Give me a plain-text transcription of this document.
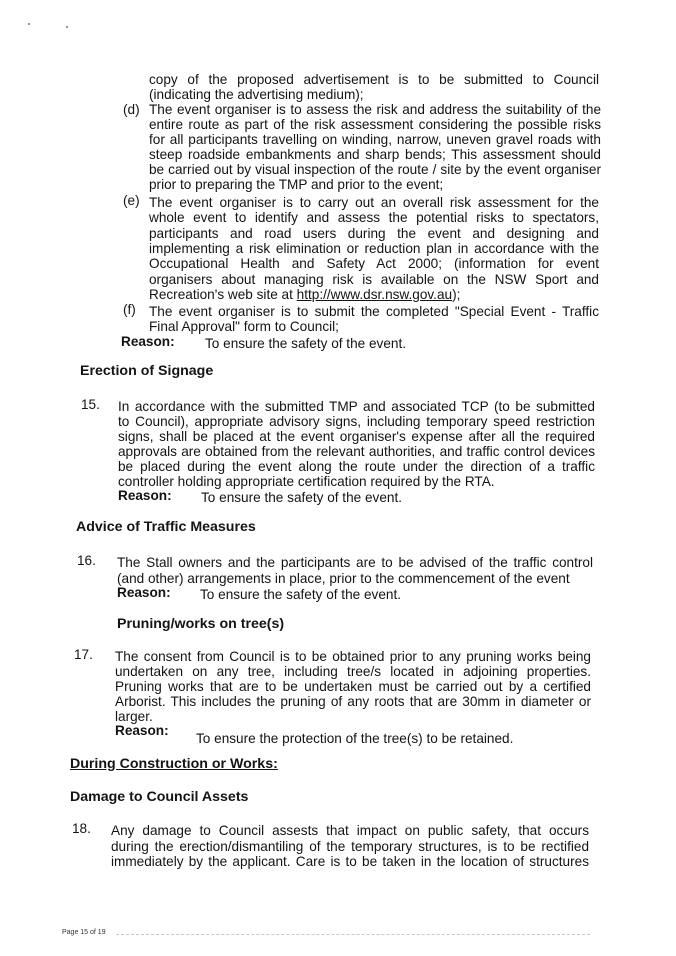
copy of the proposed advertisement is to be submitted to Council
(indicating the advertising medium);
(d) The event organiser is to assess the risk and address the suitability of the
entire route as part of the risk assessment considering the possible risks
for all participants travelling on winding, narrow, uneven gravel roads with
steep roadside embankments and sharp bends; This assessment should
be carried out by visual inspection of the route / site by the event organiser
prior to preparing the TMP and prior to the event;
(e) The event organiser is to carry out an overall risk assessment for the
whole event to identify and assess the potential risks to spectators,
participants and road users during the event and designing and
implementing a risk elimination or reduction plan in accordance with the
Occupational Health and Safety Act 2000; (information for event
organisers about managing risk is available on the NSW Sport and
Recreation's web site at http://www.dsr.nsw.gov.au);
(f) The event organiser is to submit the completed "Special Event - Traffic
Final Approval" form to Council;
Reason: To ensure the safety of the event.
Erection of Signage
15. In accordance with the submitted TMP and associated TCP (to be submitted
to Council), appropriate advisory signs, including temporary speed restriction
signs, shall be placed at the event organiser's expense after all the required
approvals are obtained from the relevant authorities, and traffic control devices
be placed during the event along the route under the direction of a traffic
controller holding appropriate certification required by the RTA.
Reason: To ensure the safety of the event.
Advice of Traffic Measures
16. The Stall owners and the participants are to be advised of the traffic control
(and other) arrangements in place, prior to the commencement of the event
Reason: To ensure the safety of the event.
Pruning/works on tree(s)
17. The consent from Council is to be obtained prior to any pruning works being
undertaken on any tree, including tree/s located in adjoining properties.
Pruning works that are to be undertaken must be carried out by a certified
Arborist. This includes the pruning of any roots that are 30mm in diameter or
larger.
Reason:
To ensure the protection of the tree(s) to be retained.
During Construction or Works:
Damage to Council Assets
18. Any damage to Council assests that impact on public safety, that occurs
during the erection/dismantiling of the temporary structures, is to be rectified
immediately by the applicant. Care is to be taken in the location of structures
Page 15 of 19
